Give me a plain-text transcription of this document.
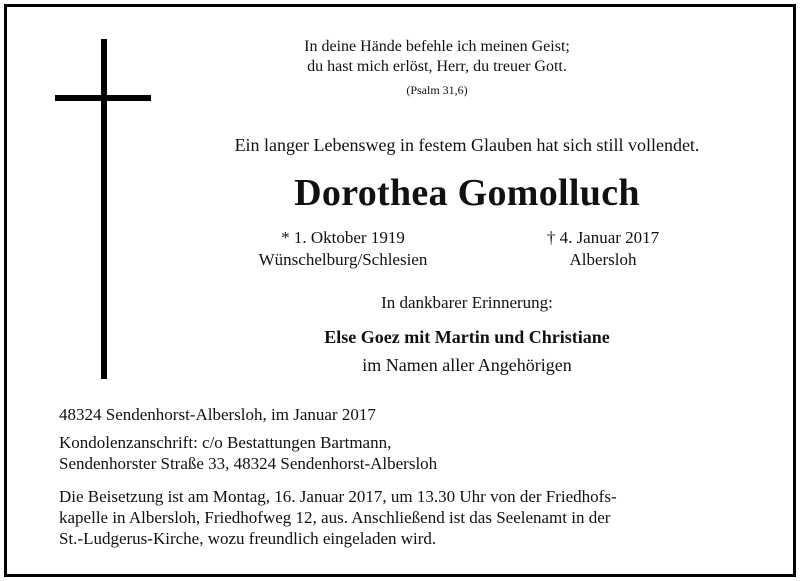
In deine Hände befehle ich meinen Geist;
du hast mich erlöst, Herr, du treuer Gott.
(Psalm 31,6)
Ein langer Lebensweg in festem Glauben hat sich still vollendet.
Dorothea Gomolluch
* 1. Oktober 1919
Wünschelburg/Schlesien
† 4. Januar 2017
Albersloh
In dankbarer Erinnerung:
Else Goez mit Martin und Christiane
im Namen aller Angehörigen
48324 Sendenhorst-Albersloh, im Januar 2017
Kondolenzanschrift: c/o Bestattungen Bartmann,
Sendenhorster Straße 33, 48324 Sendenhorst-Albersloh
Die Beisetzung ist am Montag, 16. Januar 2017, um 13.30 Uhr von der Friedhofs-
kapelle in Albersloh, Friedhofweg 12, aus. Anschließend ist das Seelenamt in der
St.-Ludgerus-Kirche, wozu freundlich eingeladen wird.
